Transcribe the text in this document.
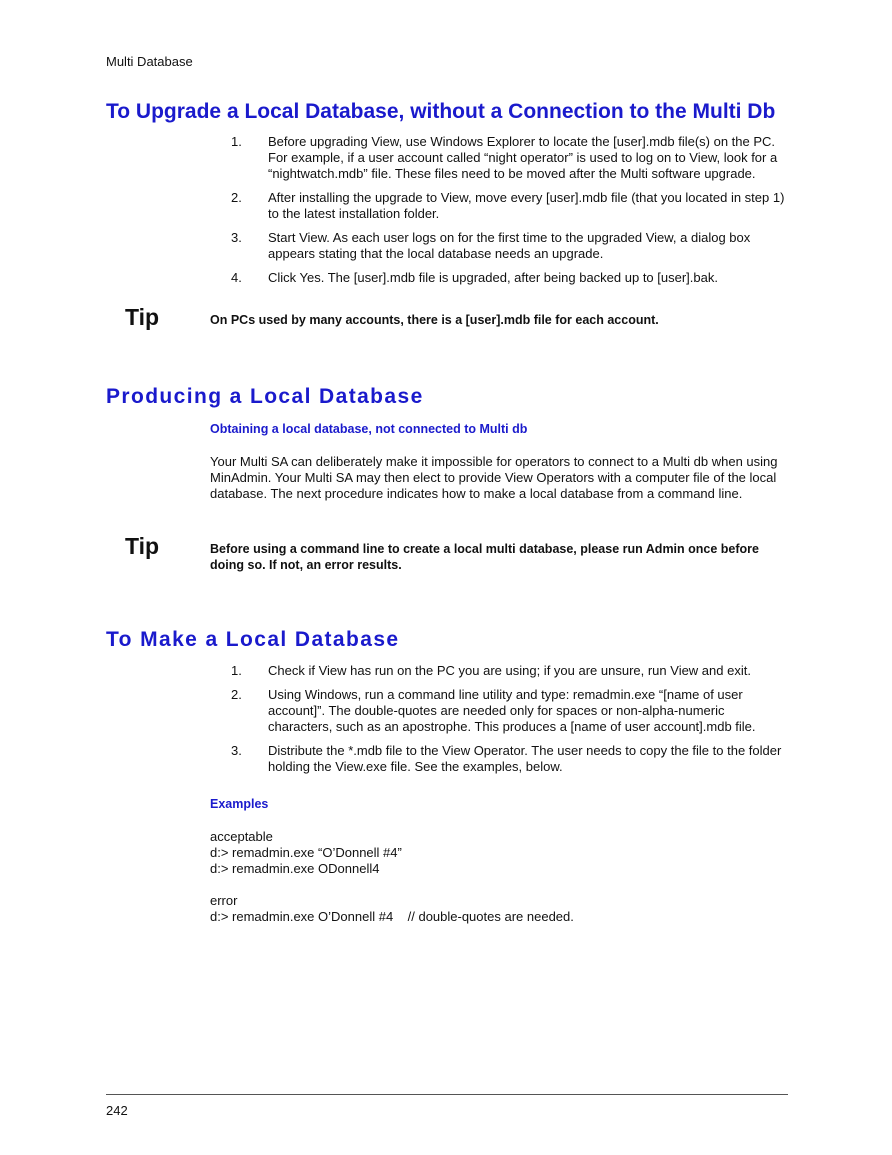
Multi Database
To Upgrade a Local Database, without a Connection to the Multi Db
1. Before upgrading View, use Windows Explorer to locate the [user].mdb file(s) on the PC. For example, if a user account called “night operator” is used to log on to View, look for a “nightwatch.mdb” file. These files need to be moved after the Multi software upgrade.
2. After installing the upgrade to View, move every [user].mdb file (that you located in step 1) to the latest installation folder.
3. Start View. As each user logs on for the first time to the upgraded View, a dialog box appears stating that the local database needs an upgrade.
4. Click Yes. The [user].mdb file is upgraded, after being backed up to [user].bak.
Tip	On PCs used by many accounts, there is a [user].mdb file for each account.
Producing a Local Database
Obtaining a local database, not connected to Multi db

Your Multi SA can deliberately make it impossible for operators to connect to a Multi db when using MinAdmin. Your Multi SA may then elect to provide View Operators with a computer file of the local database. The next procedure indicates how to make a local database from a command line.

Tip	Before using a command line to create a local multi database, please run Admin once before doing so. If not, an error results.
To Make a Local Database
1. Check if View has run on the PC you are using; if you are unsure, run View and exit.
2. Using Windows, run a command line utility and type: remadmin.exe “[name of user account]”. The double-quotes are needed only for spaces or non-alpha-numeric characters, such as an apostrophe. This produces a [name of user account].mdb file.
3. Distribute the *.mdb file to the View Operator. The user needs to copy the file to the folder holding the View.exe file. See the examples, below.
Examples
acceptable
d:> remadmin.exe “O’Donnell #4”
d:> remadmin.exe ODonnell4
error
d:> remadmin.exe O’Donnell #4    // double-quotes are needed.
242
